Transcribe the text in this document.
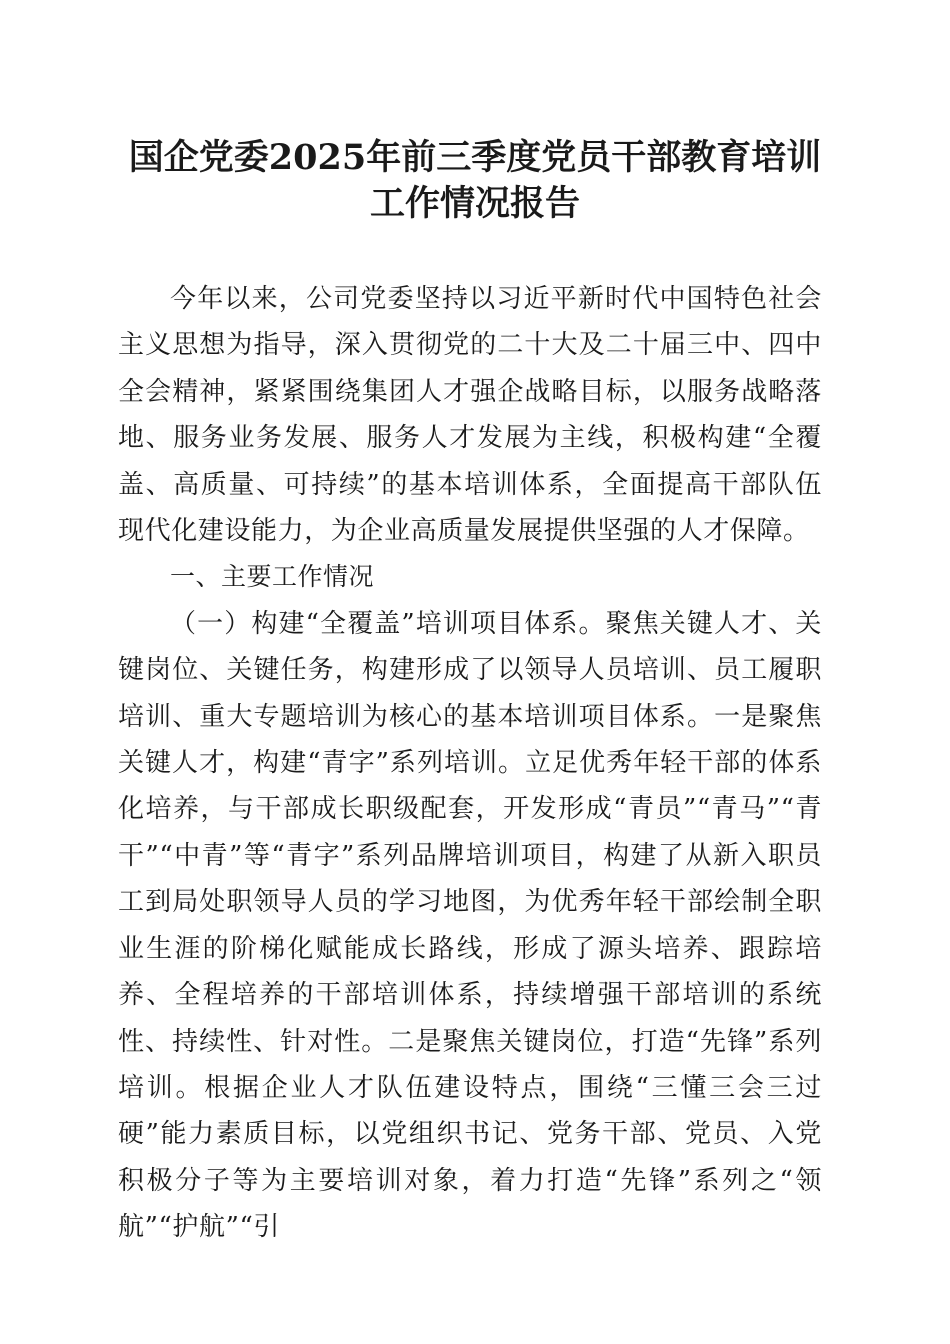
国企党委2025年前三季度党员干部教育培训
工作情况报告

今年以来，公司党委坚持以习近平新时代中国特色社会主义思想为指导，深入贯彻党的二十大及二十届三中、四中全会精神，紧紧围绕集团人才强企战略目标，以服务战略落地、服务业务发展、服务人才发展为主线，积极构建“全覆盖、高质量、可持续”的基本培训体系，全面提高干部队伍现代化建设能力，为企业高质量发展提供坚强的人才保障。

一、主要工作情况

（一）构建“全覆盖”培训项目体系。聚焦关键人才、关键岗位、关键任务，构建形成了以领导人员培训、员工履职培训、重大专题培训为核心的基本培训项目体系。一是聚焦关键人才，构建“青字”系列培训。立足优秀年轻干部的体系化培养，与干部成长职级配套，开发形成“青员”“青马”“青干”“中青”等“青字”系列品牌培训项目，构建了从新入职员工到局处职领导人员的学习地图，为优秀年轻干部绘制全职业生涯的阶梯化赋能成长路线，形成了源头培养、跟踪培养、全程培养的干部培训体系，持续增强干部培训的系统性、持续性、针对性。二是聚焦关键岗位，打造“先锋”系列培训。根据企业人才队伍建设特点，围绕“三懂三会三过硬”能力素质目标，以党组织书记、党务干部、党员、入党积极分子等为主要培训对象，着力打造“先锋”系列之“领航”“护航”“引
